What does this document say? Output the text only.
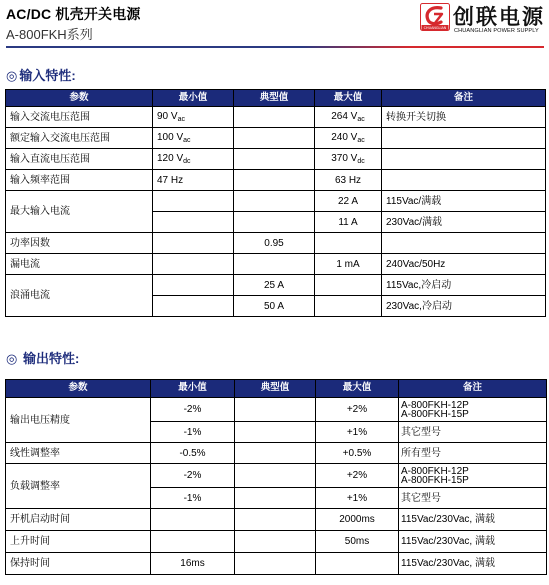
AC/DC 机壳开关电源
A-800FKH系列	CHUANGLIAN 创联电源
CHUANGLIAN POWER SUPPLY
◎ 输入特性:
参数	最小值	典型值	最大值	备注
输入交流电压范围	90 $V_{ac}$		264 $V_{ac}$	转换开关切换
额定输入交流电压范围	100 $V_{ac}$		240 $V_{ac}$	
输入直流电压范围	120 $V_{dc}$		370 $V_{dc}$	
输入频率范围	47 Hz		63 Hz	
最大输入电流			22 A	115Vac/满载
			11 A	230Vac/满载
功率因数		0.95		
漏电流			1 mA	240Vac/50Hz
浪涌电流		25 A		115Vac,冷启动
		50 A		230Vac,冷启动
◎ 输出特性:
参数	最小值	典型值	最大值	备注
输出电压精度	-2%		+2%	A-800FKH-12P
A-800FKH-15P

	-1%		+1%	其它型号
线性调整率	-0.5%		+0.5%	所有型号
负载调整率	-2%		+2%	A-800FKH-12P
A-800FKH-15P

	-1%		+1%	其它型号
开机启动时间			2000ms	115Vac/230Vac, 满载
上升时间			50ms	115Vac/230Vac, 满载
保持时间	16ms			115Vac/230Vac, 满载
